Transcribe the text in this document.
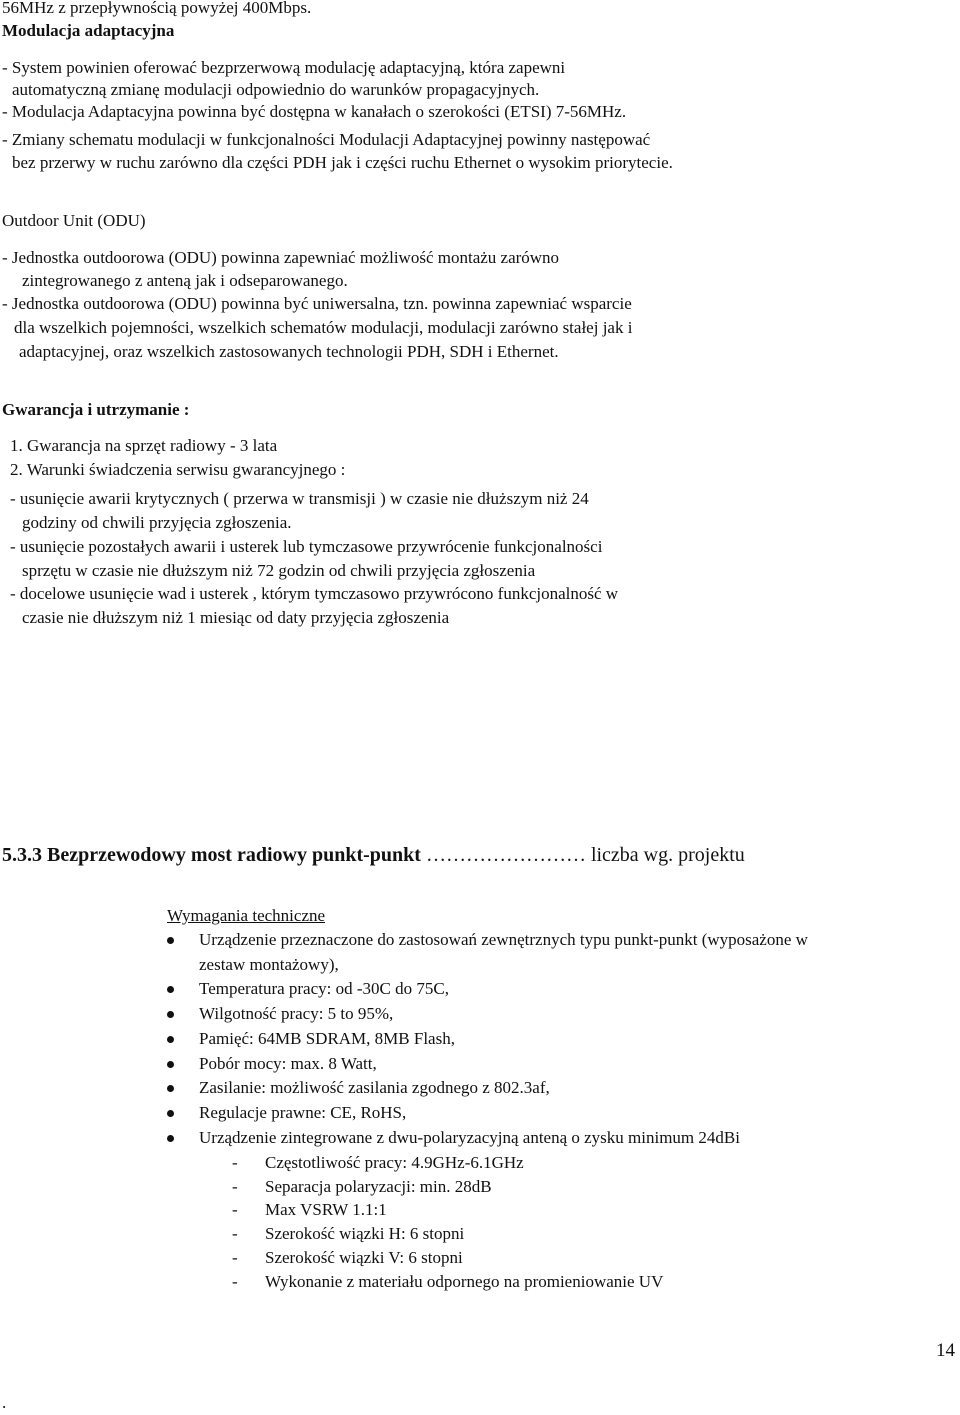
56MHz z przepływnością powyżej 400Mbps.
Modulacja adaptacyjna
- System powinien oferować bezprzerwową modulację adaptacyjną, która zapewni
automatyczną zmianę modulacji odpowiednio do warunków propagacyjnych.
- Modulacja Adaptacyjna powinna być dostępna w kanałach o szerokości (ETSI) 7-56MHz.
- Zmiany schematu modulacji w funkcjonalności Modulacji Adaptacyjnej powinny następować
bez przerwy w ruchu zarówno dla części PDH jak i części ruchu Ethernet o wysokim priorytecie.
Outdoor Unit (ODU)
- Jednostka outdoorowa (ODU) powinna zapewniać możliwość montażu zarówno
zintegrowanego z anteną jak i odseparowanego.
- Jednostka outdoorowa (ODU) powinna być uniwersalna, tzn. powinna zapewniać wsparcie
dla wszelkich pojemności, wszelkich schematów modulacji, modulacji zarówno stałej jak i
adaptacyjnej, oraz wszelkich zastosowanych technologii PDH, SDH i Ethernet.
Gwarancja i utrzymanie :
1. Gwarancja na sprzęt radiowy - 3 lata
2. Warunki świadczenia serwisu gwarancyjnego :
- usunięcie awarii krytycznych ( przerwa w transmisji ) w czasie nie dłuższym niż 24
godziny od chwili przyjęcia zgłoszenia.
- usunięcie pozostałych awarii i usterek lub tymczasowe przywrócenie funkcjonalności
sprzętu w czasie nie dłuższym niż 72 godzin od chwili przyjęcia zgłoszenia
- docelowe usunięcie wad i usterek , którym tymczasowo przywrócono funkcjonalność w
czasie nie dłuższym niż 1 miesiąc od daty przyjęcia zgłoszenia
5.3.3 Bezprzewodowy most radiowy punkt-punkt …………………… liczba wg. projektu
Wymagania techniczne
Urządzenie przeznaczone do zastosowań zewnętrznych typu punkt-punkt (wyposażone w
zestaw montażowy),
Temperatura pracy: od -30C do 75C,
Wilgotność pracy: 5 to 95%,
Pamięć: 64MB SDRAM, 8MB Flash,
Pobór mocy: max. 8 Watt,
Zasilanie: możliwość zasilania zgodnego z 802.3af,
Regulacje prawne: CE, RoHS,
Urządzenie zintegrowane z dwu-polaryzacyjną anteną o zysku minimum 24dBi
- Częstotliwość pracy: 4.9GHz-6.1GHz
- Separacja polaryzacji: min. 28dB
- Max VSRW 1.1:1
- Szerokość wiązki H: 6 stopni
- Szerokość wiązki V: 6 stopni
- Wykonanie z materiału odpornego na promieniowanie UV
14
.
